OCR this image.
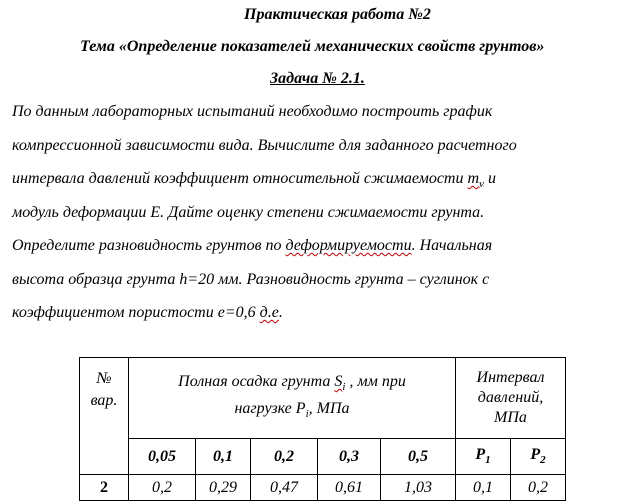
Практическая работа №2
Тема «Определение показателей механических свойств грунтов»
Задача № 2.1.
По данным лабораторных испытаний необходимо построить график
компрессионной зависимости вида. Вычислите для заданного расчетного
интервала давлений коэффициент относительной сжимаемости $m_v$ и
модуль деформации E. Дайте оценку степени сжимаемости грунта.
Определите разновидность грунтов по деформируемости. Начальная
высота образца грунта h=20 мм. Разновидность грунта – суглинок с
коэффициентом пористости e=0,6 д.е.
№ вар.	Полная осадка грунта $S_i$ , мм при нагрузке $P_i$, МПа					Интервал давлений, МПа	
	0,05	0,1	0,2	0,3	0,5	$P_1$	$P_2$
2	0,2	0,29	0,47	0,61	1,03	0,1	0,2
